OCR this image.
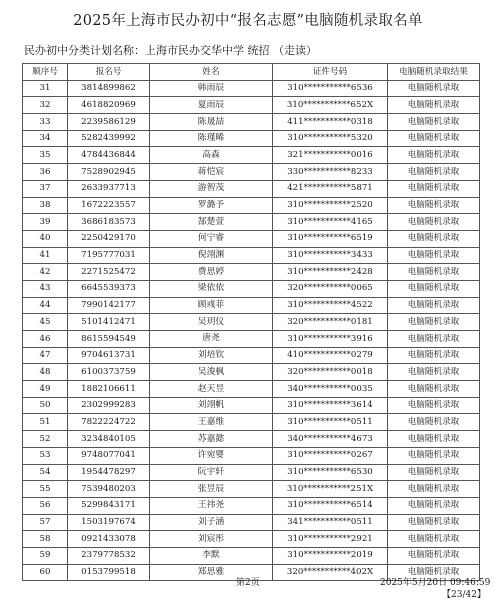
2025年上海市民办初中“报名志愿”电脑随机录取名单
民办初中分类计划名称：上海市民办交华中学 统招 （走读）
顺序号	报名号	姓名	证件号码	电脑随机录取结果
31	3814899862	韩雨辰	310***********6536	电脑随机录取
32	4618820969	夏雨辰	310***********652X	电脑随机录取
33	2239586129	陈晟喆	411***********0318	电脑随机录取
34	5282439992	陈瑾晞	310***********5320	电脑随机录取
35	4784436844	高森	321***********0016	电脑随机录取
36	7528902945	蒋恺宸	330***********8233	电脑随机录取
37	2633937713	游智茂	421***********5871	电脑随机录取
38	1672223557	罗潞予	310***********2520	电脑随机录取
39	3686183573	郜楚萱	310***********4165	电脑随机录取
40	2250429170	何宁睿	310***********6519	电脑随机录取
41	7195777031	倪翊渊	310***********3433	电脑随机录取
42	2271525472	费思婷	310***********2428	电脑随机录取
43	6645539373	梁依依	320***********0065	电脑随机录取
44	7990142177	顾彧菲	310***********4522	电脑随机录取
45	5101412471	吴玥仪	320***********0181	电脑随机录取
46	8615594549	唐尧	310***********3916	电脑随机录取
47	9704613731	刘培钦	410***********0279	电脑随机录取
48	6100373759	吴浚枫	320***********0018	电脑随机录取
49	1882106611	赵天昱	340***********0035	电脑随机录取
50	2302999283	刘翊帆	310***********3614	电脑随机录取
51	7822224722	王嘉维	310***********0511	电脑随机录取
52	3234840105	苏嘉懿	340***********4673	电脑随机录取
53	9748077041	许宛婴	310***********0267	电脑随机录取
54	1954478297	阮宇轩	310***********6530	电脑随机录取
55	7539480203	张昱辰	310***********251X	电脑随机录取
56	5299843171	王祎尧	310***********6514	电脑随机录取
57	1503197674	刘子涵	341***********0511	电脑随机录取
58	0921433078	刘宸彤	310***********2921	电脑随机录取
59	2379778532	李默	310***********2019	电脑随机录取
60	0153799518	郑思雅	320***********402X	电脑随机录取
第2页	2025年5月20日 09:46:59
【23/42】
